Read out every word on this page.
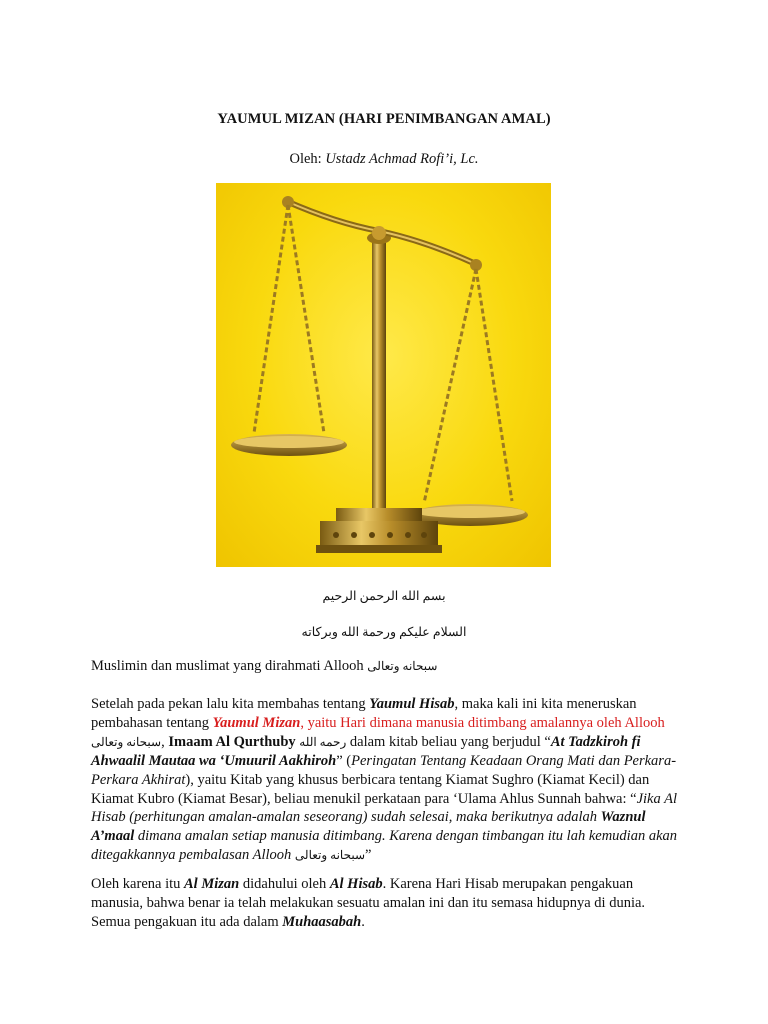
YAUMUL MIZAN (HARI PENIMBANGAN AMAL)
Oleh: Ustadz Achmad Rofi’i, Lc.
بسم الله الرحمن الرحيم
السلام عليكم ورحمة الله وبركاته
Muslimin dan muslimat yang dirahmati Allooh سبحانه وتعالى
Setelah pada pekan lalu kita membahas tentang Yaumul Hisab, maka kali ini kita meneruskan pembahasan tentang Yaumul Mizan, yaitu Hari dimana manusia ditimbang amalannya oleh Allooh سبحانه وتعالى, Imaam Al Qurthuby رحمه الله dalam kitab beliau yang berjudul “At Tadzkiroh fi Ahwaalil Mautaa wa ‘Umuuril Aakhiroh” (Peringatan Tentang Keadaan Orang Mati dan Perkara-Perkara Akhirat), yaitu Kitab yang khusus berbicara tentang Kiamat Sughro (Kiamat Kecil) dan Kiamat Kubro (Kiamat Besar), beliau menukil perkataan para ‘Ulama Ahlus Sunnah bahwa: “Jika Al Hisab (perhitungan amalan-amalan seseorang) sudah selesai, maka berikutnya adalah Waznul A’maal dimana amalan setiap manusia ditimbang. Karena dengan timbangan itu lah kemudian akan ditegakkannya pembalasan Allooh سبحانه وتعالى”
Oleh karena itu Al Mizan didahului oleh Al Hisab. Karena Hari Hisab merupakan pengakuan manusia, bahwa benar ia telah melakukan sesuatu amalan ini dan itu semasa hidupnya di dunia. Semua pengakuan itu ada dalam Muhaasabah.
